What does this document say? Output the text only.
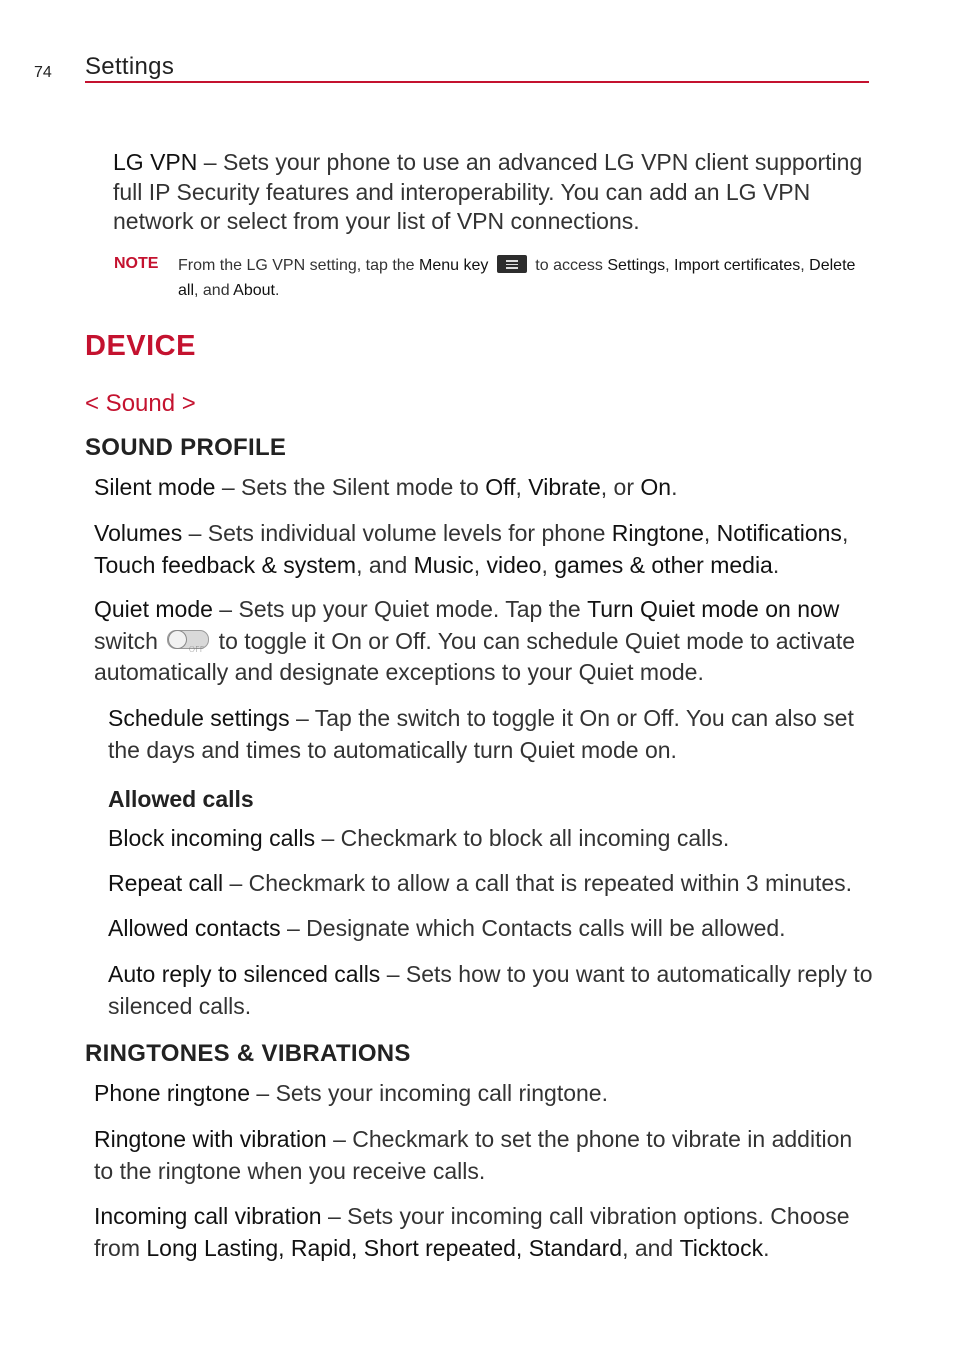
74 Settings
LG VPN – Sets your phone to use an advanced LG VPN client supporting full IP Security features and interoperability. You can add an LG VPN network or select from your list of VPN connections.
NOTE From the LG VPN setting, tap the Menu key	to access Settings, Import certificates, Delete all, and About.
DEVICE
< Sound >
SOUND PROFILE
Silent mode – Sets the Silent mode to Off, Vibrate, or On.
Volumes – Sets individual volume levels for phone Ringtone, Notifications,
Touch feedback & system, and Music, video, games & other media.
Quiet mode – Sets up your Quiet mode. Tap the Turn Quiet mode on now
switch	OFF to toggle it On or Off. You can schedule Quiet mode to activate automatically and designate exceptions to your Quiet mode.
Schedule settings – Tap the switch to toggle it On or Off. You can also set the days and times to automatically turn Quiet mode on.
Allowed calls
Block incoming calls – Checkmark to block all incoming calls.
Repeat call – Checkmark to allow a call that is repeated within 3 minutes.
Allowed contacts – Designate which Contacts calls will be allowed.
Auto reply to silenced calls – Sets how to you want to automatically reply to silenced calls.
RINGTONES & VIBRATIONS
Phone ringtone – Sets your incoming call ringtone.
Ringtone with vibration – Checkmark to set the phone to vibrate in addition to the ringtone when you receive calls.
Incoming call vibration – Sets your incoming call vibration options. Choose from Long Lasting, Rapid, Short repeated, Standard, and Ticktock.
